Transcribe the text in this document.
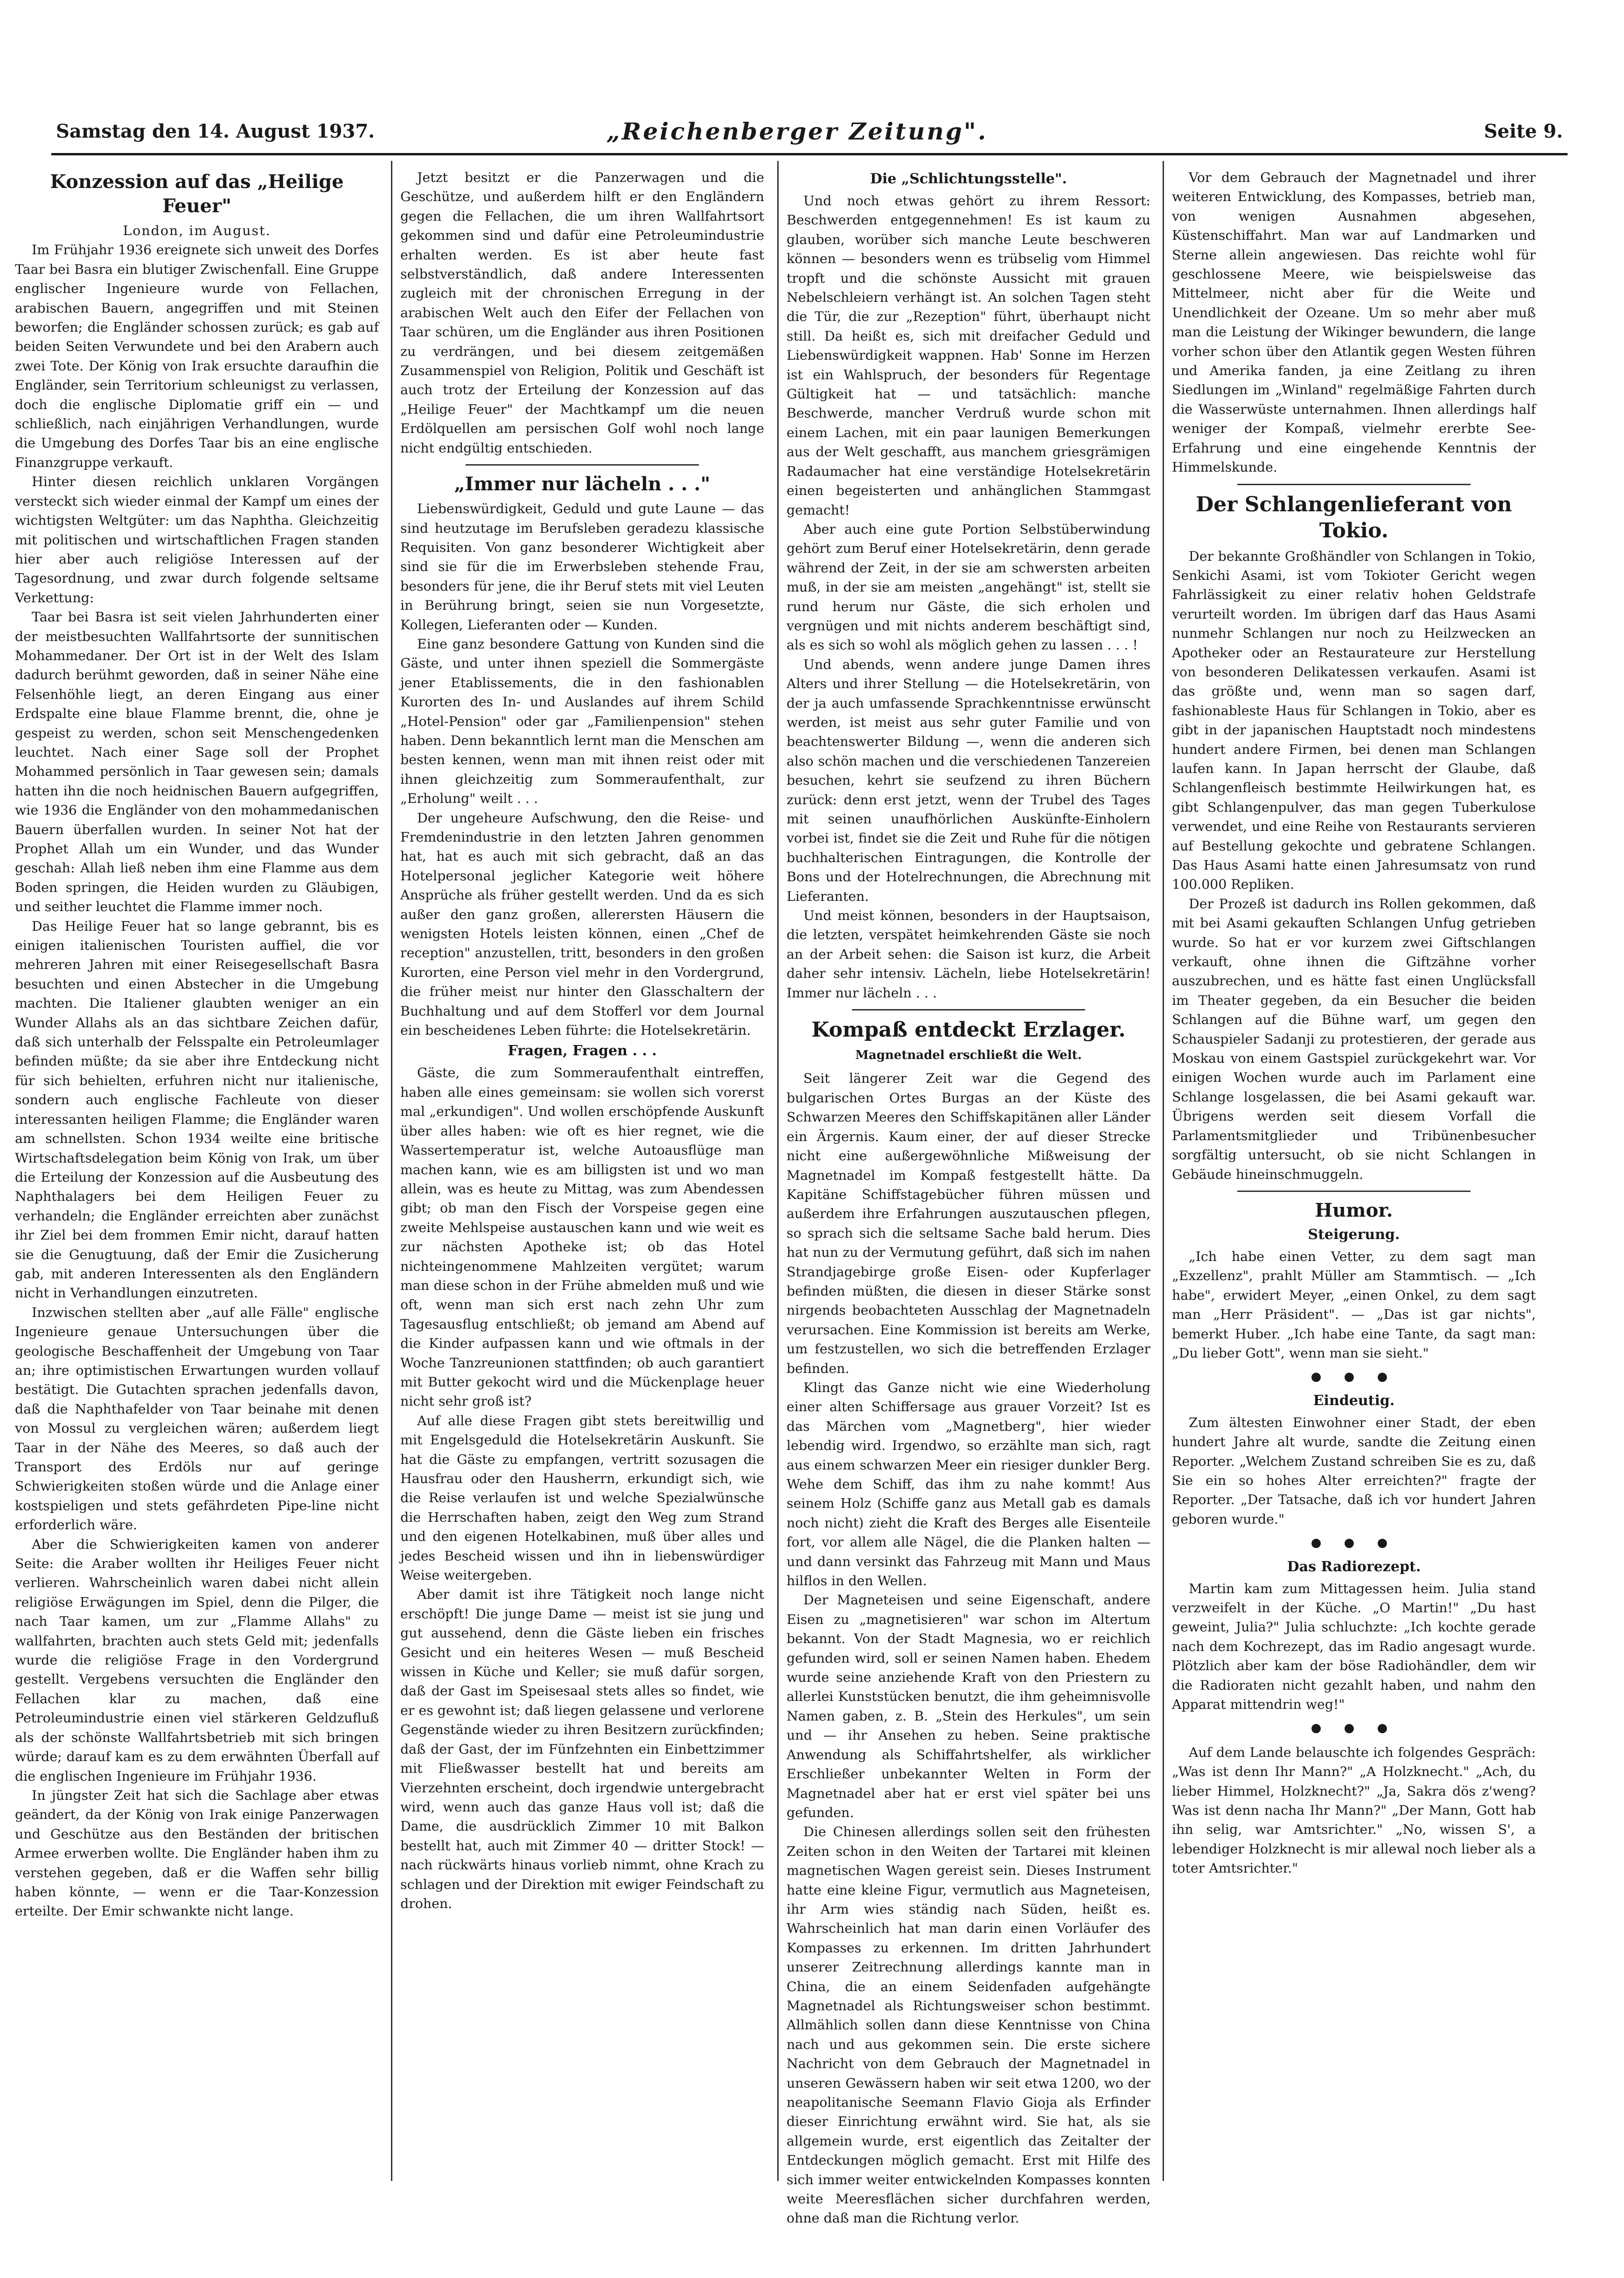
Samstag den 14. August 1937.	„Reichenberger Zeitung".	Seite 9.
Konzession auf das „Heilige Feuer"
London, im August.

Im Frühjahr 1936 ereignete sich unweit des Dorfes Taar bei Basra ein blutiger Zwischenfall. Eine Gruppe englischer Ingenieure wurde von Fellachen, arabischen Bauern, angegriffen und mit Steinen beworfen; die Engländer schossen zurück; es gab auf beiden Seiten Verwundete und bei den Arabern auch zwei Tote. Der König von Irak ersuchte daraufhin die Engländer, sein Territorium schleunigst zu verlassen, doch die englische Diplomatie griff ein — und schließlich, nach einjährigen Verhandlungen, wurde die Umgebung des Dorfes Taar bis an eine englische Finanzgruppe verkauft.

Hinter diesen reichlich unklaren Vorgängen versteckt sich wieder einmal der Kampf um eines der wichtigsten Weltgüter: um das Naphtha. Gleichzeitig mit politischen und wirtschaftlichen Fragen standen hier aber auch religiöse Interessen auf der Tagesordnung, und zwar durch folgende seltsame Verkettung:

Taar bei Basra ist seit vielen Jahrhunderten einer der meistbesuchten Wallfahrtsorte der sunnitischen Mohammedaner. Der Ort ist in der Welt des Islam dadurch berühmt geworden, daß in seiner Nähe eine Felsenhöhle liegt, an deren Eingang aus einer Erdspalte eine blaue Flamme brennt, die, ohne je gespeist zu werden, schon seit Menschengedenken leuchtet. Nach einer Sage soll der Prophet Mohammed persönlich in Taar gewesen sein; damals hatten ihn die noch heidnischen Bauern aufgegriffen, wie 1936 die Engländer von den mohammedanischen Bauern überfallen wurden. In seiner Not hat der Prophet Allah um ein Wunder, und das Wunder geschah: Allah ließ neben ihm eine Flamme aus dem Boden springen, die Heiden wurden zu Gläubigen, und seither leuchtet die Flamme immer noch.

Das Heilige Feuer hat so lange gebrannt, bis es einigen italienischen Touristen auffiel, die vor mehreren Jahren mit einer Reisegesellschaft Basra besuchten und einen Abstecher in die Umgebung machten. Die Italiener glaubten weniger an ein Wunder Allahs als an das sichtbare Zeichen dafür, daß sich unterhalb der Felsspalte ein Petroleumlager befinden müßte; da sie aber ihre Entdeckung nicht für sich behielten, erfuhren nicht nur italienische, sondern auch englische Fachleute von dieser interessanten heiligen Flamme; die Engländer waren am schnellsten. Schon 1934 weilte eine britische Wirtschaftsdelegation beim König von Irak, um über die Erteilung der Konzession auf die Ausbeutung des Naphthalagers bei dem Heiligen Feuer zu verhandeln; die Engländer erreichten aber zunächst ihr Ziel bei dem frommen Emir nicht, darauf hatten sie die Genugtuung, daß der Emir die Zusicherung gab, mit anderen Interessenten als den Engländern nicht in Verhandlungen einzutreten.

Inzwischen stellten aber „auf alle Fälle" englische Ingenieure genaue Untersuchungen über die geologische Beschaffenheit der Umgebung von Taar an; ihre optimistischen Erwartungen wurden vollauf bestätigt. Die Gutachten sprachen jedenfalls davon, daß die Naphthafelder von Taar beinahe mit denen von Mossul zu vergleichen wären; außerdem liegt Taar in der Nähe des Meeres, so daß auch der Transport des Erdöls nur auf geringe Schwierigkeiten stoßen würde und die Anlage einer kostspieligen und stets gefährdeten Pipe-line nicht erforderlich wäre.

Aber die Schwierigkeiten kamen von anderer Seite: die Araber wollten ihr Heiliges Feuer nicht verlieren. Wahrscheinlich waren dabei nicht allein religiöse Erwägungen im Spiel, denn die Pilger, die nach Taar kamen, um zur „Flamme Allahs" zu wallfahrten, brachten auch stets Geld mit; jedenfalls wurde die religiöse Frage in den Vordergrund gestellt. Vergebens versuchten die Engländer den Fellachen klar zu machen, daß eine Petroleumindustrie einen viel stärkeren Geldzufluß als der schönste Wallfahrtsbetrieb mit sich bringen würde; darauf kam es zu dem erwähnten Überfall auf die englischen Ingenieure im Frühjahr 1936.

In jüngster Zeit hat sich die Sachlage aber etwas geändert, da der König von Irak einige Panzerwagen und Geschütze aus den Beständen der britischen Armee erwerben wollte. Die Engländer haben ihm zu verstehen gegeben, daß er die Waffen sehr billig haben könnte, — wenn er die Taar-Konzession erteilte. Der Emir schwankte nicht lange.

Jetzt besitzt er die Panzerwagen und die Geschütze, und außerdem hilft er den Engländern gegen die Fellachen, die um ihren Wallfahrtsort gekommen sind und dafür eine Petroleumindustrie erhalten werden. Es ist aber heute fast selbstverständlich, daß andere Interessenten zugleich mit der chronischen Erregung in der arabischen Welt auch den Eifer der Fellachen von Taar schüren, um die Engländer aus ihren Positionen zu verdrängen, und bei diesem zeitgemäßen Zusammenspiel von Religion, Politik und Geschäft ist auch trotz der Erteilung der Konzession auf das „Heilige Feuer" der Machtkampf um die neuen Erdölquellen am persischen Golf wohl noch lange nicht endgültig entschieden.

„Immer nur lächeln . . ."

Liebenswürdigkeit, Geduld und gute Laune — das sind heutzutage im Berufsleben geradezu klassische Requisiten. Von ganz besonderer Wichtigkeit aber sind sie für die im Erwerbsleben stehende Frau, besonders für jene, die ihr Beruf stets mit viel Leuten in Berührung bringt, seien sie nun Vorgesetzte, Kollegen, Lieferanten oder — Kunden.

Eine ganz besondere Gattung von Kunden sind die Gäste, und unter ihnen speziell die Sommergäste jener Etablissements, die in den fashionablen Kurorten des In- und Auslandes auf ihrem Schild „Hotel-Pension" oder gar „Familienpension" stehen haben. Denn bekanntlich lernt man die Menschen am besten kennen, wenn man mit ihnen reist oder mit ihnen gleichzeitig zum Sommeraufenthalt, zur „Erholung" weilt . . .

Der ungeheure Aufschwung, den die Reise- und Fremdenindustrie in den letzten Jahren genommen hat, hat es auch mit sich gebracht, daß an das Hotelpersonal jeglicher Kategorie weit höhere Ansprüche als früher gestellt werden. Und da es sich außer den ganz großen, allerersten Häusern die wenigsten Hotels leisten können, einen „Chef de reception" anzustellen, tritt, besonders in den großen Kurorten, eine Person viel mehr in den Vordergrund, die früher meist nur hinter den Glasschaltern der Buchhaltung und auf dem Stofferl vor dem Journal ein bescheidenes Leben führte: die Hotelsekretärin.

Fragen, Fragen . . .

Gäste, die zum Sommeraufenthalt eintreffen, haben alle eines gemeinsam: sie wollen sich vorerst mal „erkundigen". Und wollen erschöpfende Auskunft über alles haben: wie oft es hier regnet, wie die Wassertemperatur ist, welche Autoausflüge man machen kann, wie es am billigsten ist und wo man allein, was es heute zu Mittag, was zum Abendessen gibt; ob man den Fisch der Vorspeise gegen eine zweite Mehlspeise austauschen kann und wie weit es zur nächsten Apotheke ist; ob das Hotel nichteingenommene Mahlzeiten vergütet; warum man diese schon in der Frühe abmelden muß und wie oft, wenn man sich erst nach zehn Uhr zum Tagesausflug entschließt; ob jemand am Abend auf die Kinder aufpassen kann und wie oftmals in der Woche Tanzreunionen stattfinden; ob auch garantiert mit Butter gekocht wird und die Mückenplage heuer nicht sehr groß ist?

Auf alle diese Fragen gibt stets bereitwillig und mit Engelsgeduld die Hotelsekretärin Auskunft. Sie hat die Gäste zu empfangen, vertritt sozusagen die Hausfrau oder den Hausherrn, erkundigt sich, wie die Reise verlaufen ist und welche Spezialwünsche die Herrschaften haben, zeigt den Weg zum Strand und den eigenen Hotelkabinen, muß über alles und jedes Bescheid wissen und ihn in liebenswürdiger Weise weitergeben.

Aber damit ist ihre Tätigkeit noch lange nicht erschöpft! Die junge Dame — meist ist sie jung und gut aussehend, denn die Gäste lieben ein frisches Gesicht und ein heiteres Wesen — muß Bescheid wissen in Küche und Keller; sie muß dafür sorgen, daß der Gast im Speisesaal stets alles so findet, wie er es gewohnt ist; daß liegen gelassene und verlorene Gegenstände wieder zu ihren Besitzern zurückfinden; daß der Gast, der im Fünfzehnten ein Einbettzimmer mit Fließwasser bestellt hat und bereits am Vierzehnten erscheint, doch irgendwie untergebracht wird, wenn auch das ganze Haus voll ist; daß die Dame, die ausdrücklich Zimmer 10 mit Balkon bestellt hat, auch mit Zimmer 40 — dritter Stock! — nach rückwärts hinaus vorlieb nimmt, ohne Krach zu schlagen und der Direktion mit ewiger Feindschaft zu drohen.

Die „Schlichtungsstelle".

Und noch etwas gehört zu ihrem Ressort: Beschwerden entgegennehmen! Es ist kaum zu glauben, worüber sich manche Leute beschweren können — besonders wenn es trübselig vom Himmel tropft und die schönste Aussicht mit grauen Nebelschleiern verhängt ist. An solchen Tagen steht die Tür, die zur „Rezeption" führt, überhaupt nicht still. Da heißt es, sich mit dreifacher Geduld und Liebenswürdigkeit wappnen. Hab' Sonne im Herzen ist ein Wahlspruch, der besonders für Regentage Gültigkeit hat — und tatsächlich: manche Beschwerde, mancher Verdruß wurde schon mit einem Lachen, mit ein paar launigen Bemerkungen aus der Welt geschafft, aus manchem griesgrämigen Radaumacher hat eine verständige Hotelsekretärin einen begeisterten und anhänglichen Stammgast gemacht!

Aber auch eine gute Portion Selbstüberwindung gehört zum Beruf einer Hotelsekretärin, denn gerade während der Zeit, in der sie am schwersten arbeiten muß, in der sie am meisten „angehängt" ist, stellt sie rund herum nur Gäste, die sich erholen und vergnügen und mit nichts anderem beschäftigt sind, als es sich so wohl als möglich gehen zu lassen . . . !

Und abends, wenn andere junge Damen ihres Alters und ihrer Stellung — die Hotelsekretärin, von der ja auch umfassende Sprachkenntnisse erwünscht werden, ist meist aus sehr guter Familie und von beachtenswerter Bildung —, wenn die anderen sich also schön machen und die verschiedenen Tanzereien besuchen, kehrt sie seufzend zu ihren Büchern zurück: denn erst jetzt, wenn der Trubel des Tages mit seinen unaufhörlichen Auskünfte-Einholern vorbei ist, findet sie die Zeit und Ruhe für die nötigen buchhalterischen Eintragungen, die Kontrolle der Bons und der Hotelrechnungen, die Abrechnung mit Lieferanten.

Und meist können, besonders in der Hauptsaison, die letzten, verspätet heimkehrenden Gäste sie noch an der Arbeit sehen: die Saison ist kurz, die Arbeit daher sehr intensiv. Lächeln, liebe Hotelsekretärin! Immer nur lächeln . . .

Kompaß entdeckt Erzlager.
Magnetnadel erschließt die Welt.

Seit längerer Zeit war die Gegend des bulgarischen Ortes Burgas an der Küste des Schwarzen Meeres den Schiffskapitänen aller Länder ein Ärgernis. Kaum einer, der auf dieser Strecke nicht eine außergewöhnliche Mißweisung der Magnetnadel im Kompaß festgestellt hätte. Da Kapitäne Schiffstagebücher führen müssen und außerdem ihre Erfahrungen auszutauschen pflegen, so sprach sich die seltsame Sache bald herum. Dies hat nun zu der Vermutung geführt, daß sich im nahen Strandjagebirge große Eisen- oder Kupferlager befinden müßten, die diesen in dieser Stärke sonst nirgends beobachteten Ausschlag der Magnetnadeln verursachen. Eine Kommission ist bereits am Werke, um festzustellen, wo sich die betreffenden Erzlager befinden.

Klingt das Ganze nicht wie eine Wiederholung einer alten Schiffersage aus grauer Vorzeit? Ist es das Märchen vom „Magnetberg", hier wieder lebendig wird. Irgendwo, so erzählte man sich, ragt aus einem schwarzen Meer ein riesiger dunkler Berg. Wehe dem Schiff, das ihm zu nahe kommt! Aus seinem Holz (Schiffe ganz aus Metall gab es damals noch nicht) zieht die Kraft des Berges alle Eisenteile fort, vor allem alle Nägel, die die Planken halten — und dann versinkt das Fahrzeug mit Mann und Maus hilflos in den Wellen.

Der Magneteisen und seine Eigenschaft, andere Eisen zu „magnetisieren" war schon im Altertum bekannt. Von der Stadt Magnesia, wo er reichlich gefunden wird, soll er seinen Namen haben. Ehedem wurde seine anziehende Kraft von den Priestern zu allerlei Kunststücken benutzt, die ihm geheimnisvolle Namen gaben, z. B. „Stein des Herkules", um sein und — ihr Ansehen zu heben. Seine praktische Anwendung als Schiffahrtshelfer, als wirklicher Erschließer unbekannter Welten in Form der Magnetnadel aber hat er erst viel später bei uns gefunden.

Die Chinesen allerdings sollen seit den frühesten Zeiten schon in den Weiten der Tartarei mit kleinen magnetischen Wagen gereist sein. Dieses Instrument hatte eine kleine Figur, vermutlich aus Magneteisen, ihr Arm wies ständig nach Süden, heißt es. Wahrscheinlich hat man darin einen Vorläufer des Kompasses zu erkennen. Im dritten Jahrhundert unserer Zeitrechnung allerdings kannte man in China, die an einem Seidenfaden aufgehängte Magnetnadel als Richtungsweiser schon bestimmt. Allmählich sollen dann diese Kenntnisse von China nach und aus gekommen sein. Die erste sichere Nachricht von dem Gebrauch der Magnetnadel in unseren Gewässern haben wir seit etwa 1200, wo der neapolitanische Seemann Flavio Gioja als Erfinder dieser Einrichtung erwähnt wird. Sie hat, als sie allgemein wurde, erst eigentlich das Zeitalter der Entdeckungen möglich gemacht. Erst mit Hilfe des sich immer weiter entwickelnden Kompasses konnten weite Meeresflächen sicher durchfahren werden, ohne daß man die Richtung verlor.

Vor dem Gebrauch der Magnetnadel und ihrer weiteren Entwicklung, des Kompasses, betrieb man, von wenigen Ausnahmen abgesehen, Küstenschiffahrt. Man war auf Landmarken und Sterne allein angewiesen. Das reichte wohl für geschlossene Meere, wie beispielsweise das Mittelmeer, nicht aber für die Weite und Unendlichkeit der Ozeane. Um so mehr aber muß man die Leistung der Wikinger bewundern, die lange vorher schon über den Atlantik gegen Westen führen und Amerika fanden, ja eine Zeitlang zu ihren Siedlungen im „Winland" regelmäßige Fahrten durch die Wasserwüste unternahmen. Ihnen allerdings half weniger der Kompaß, vielmehr ererbte See-Erfahrung und eine eingehende Kenntnis der Himmelskunde.

Der Schlangenlieferant von Tokio.

Der bekannte Großhändler von Schlangen in Tokio, Senkichi Asami, ist vom Tokioter Gericht wegen Fahrlässigkeit zu einer relativ hohen Geldstrafe verurteilt worden. Im übrigen darf das Haus Asami nunmehr Schlangen nur noch zu Heilzwecken an Apotheker oder an Restaurateure zur Herstellung von besonderen Delikatessen verkaufen. Asami ist das größte und, wenn man so sagen darf, fashionableste Haus für Schlangen in Tokio, aber es gibt in der japanischen Hauptstadt noch mindestens hundert andere Firmen, bei denen man Schlangen laufen kann. In Japan herrscht der Glaube, daß Schlangenfleisch bestimmte Heilwirkungen hat, es gibt Schlangenpulver, das man gegen Tuberkulose verwendet, und eine Reihe von Restaurants servieren auf Bestellung gekochte und gebratene Schlangen. Das Haus Asami hatte einen Jahresumsatz von rund 100.000 Repliken.

Der Prozeß ist dadurch ins Rollen gekommen, daß mit bei Asami gekauften Schlangen Unfug getrieben wurde. So hat er vor kurzem zwei Giftschlangen verkauft, ohne ihnen die Giftzähne vorher auszubrechen, und es hätte fast einen Unglücksfall im Theater gegeben, da ein Besucher die beiden Schlangen auf die Bühne warf, um gegen den Schauspieler Sadanji zu protestieren, der gerade aus Moskau von einem Gastspiel zurückgekehrt war. Vor einigen Wochen wurde auch im Parlament eine Schlange losgelassen, die bei Asami gekauft war. Übrigens werden seit diesem Vorfall die Parlamentsmitglieder und Tribünenbesucher sorgfältig untersucht, ob sie nicht Schlangen in Gebäude hineinschmuggeln.

Humor.
Steigerung.

„Ich habe einen Vetter, zu dem sagt man „Exzellenz", prahlt Müller am Stammtisch. — „Ich habe", erwidert Meyer, „einen Onkel, zu dem sagt man „Herr Präsident". — „Das ist gar nichts", bemerkt Huber. „Ich habe eine Tante, da sagt man: „Du lieber Gott", wenn man sie sieht."

● ● ●
Eindeutig.

Zum ältesten Einwohner einer Stadt, der eben hundert Jahre alt wurde, sandte die Zeitung einen Reporter. „Welchem Zustand schreiben Sie es zu, daß Sie ein so hohes Alter erreichten?" fragte der Reporter. „Der Tatsache, daß ich vor hundert Jahren geboren wurde."

● ● ●
Das Radiorezept.

Martin kam zum Mittagessen heim. Julia stand verzweifelt in der Küche. „O Martin!" „Du hast geweint, Julia?" Julia schluchzte: „Ich kochte gerade nach dem Kochrezept, das im Radio angesagt wurde. Plötzlich aber kam der böse Radiohändler, dem wir die Radioraten nicht gezahlt haben, und nahm den Apparat mittendrin weg!"

● ● ●

Auf dem Lande belauschte ich folgendes Gespräch: „Was ist denn Ihr Mann?" „A Holzknecht." „Ach, du lieber Himmel, Holzknecht?" „Ja, Sakra dös z'weng? Was ist denn nacha Ihr Mann?" „Der Mann, Gott hab ihn selig, war Amtsrichter." „No, wissen S', a lebendiger Holzknecht is mir allewal noch lieber als a toter Amtsrichter."
